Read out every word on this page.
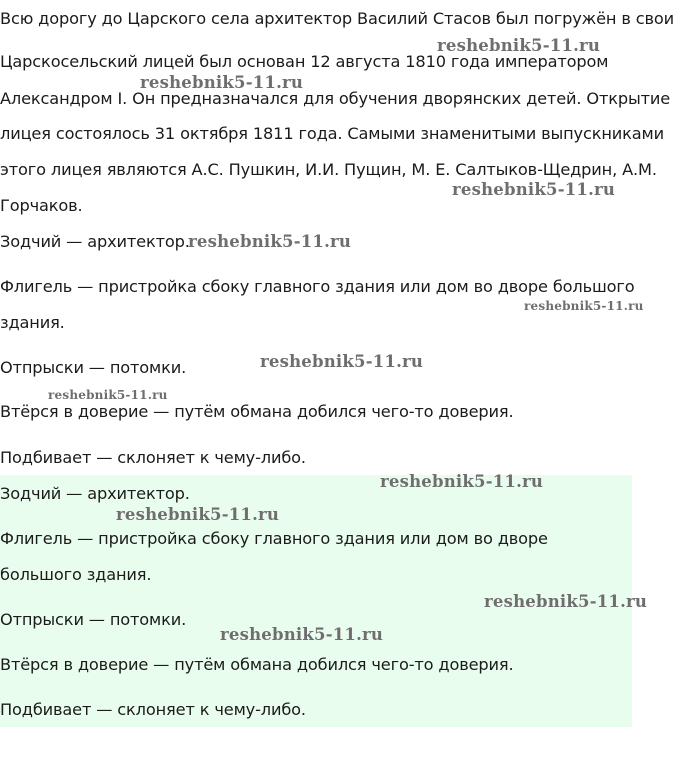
Всю дорогу до Царского села архитектор Василий Стасов был погружён в свои
Царскосельский лицей был основан 12 августа 1810 года императором
Александром I. Он предназначался для обучения дворянских детей. Открытие
лицея состоялось 31 октября 1811 года. Самыми знаменитыми выпускниками
этого лицея являются А.С. Пушкин, И.И. Пущин, М. Е. Салтыков-Щедрин, А.М.
Горчаков.
Зодчий — архитектор.
Флигель — пристройка сбоку главного здания или дом во дворе большого
здания.
Отпрыски — потомки.
Втёрся в доверие — путём обмана добился чего-то доверия.
Подбивает — склоняет к чему-либо.
Зодчий — архитектор.
Флигель — пристройка сбоку главного здания или дом во дворе
большого здания.
Отпрыски — потомки.
Втёрся в доверие — путём обмана добился чего-то доверия.
Подбивает — склоняет к чему-либо.
reshebnik5-11.ru
reshebnik5-11.ru
reshebnik5-11.ru
reshebnik5-11.ru
reshebnik5-11.ru
reshebnik5-11.ru
reshebnik5-11.ru
reshebnik5-11.ru
reshebnik5-11.ru
reshebnik5-11.ru
reshebnik5-11.ru
